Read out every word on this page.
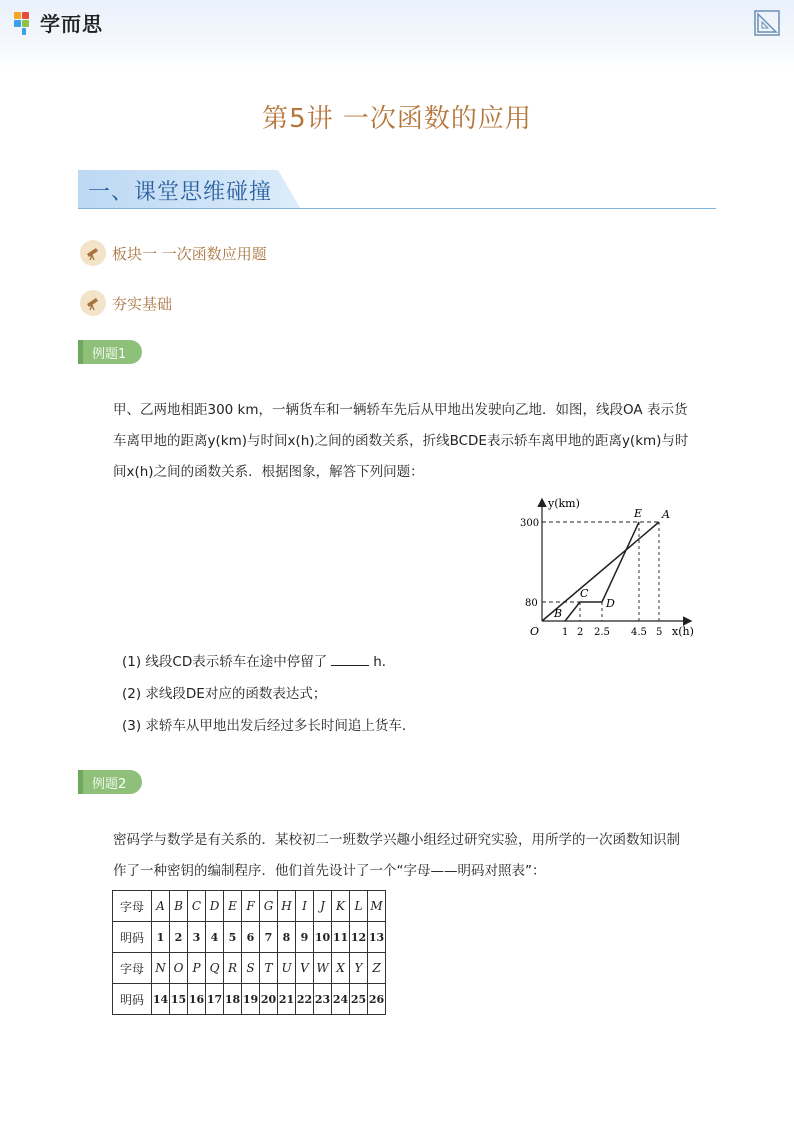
学而思
第5讲 一次函数的应用
一、课堂思维碰撞
板块一 一次函数应用题
夯实基础
例题1
甲、乙两地相距300 km，一辆货车和一辆轿车先后从甲地出发驶向乙地．如图，线段OA 表示货
车离甲地的距离y(km)与时间x(h)之间的函数关系，折线BCDE表示轿车离甲地的距离y(km)与时
间x(h)之间的函数关系．根据图象，解答下列问题：
y(km)
x(h)
O
300
80
1 2 2.5 4.5 5
A
B
C
D
E
(1) 线段CD表示轿车在途中停留了	h．
(2) 求线段DE对应的函数表达式；
(3) 求轿车从甲地出发后经过多长时间追上货车．
例题2
密码学与数学是有关系的．某校初二一班数学兴趣小组经过研究实验，用所学的一次函数知识制
作了一种密钥的编制程序．他们首先设计了一个“字母——明码对照表”：
字母	A	B	C	D	E	F	G	H	I	J	K	L	M
明码	1	2	3	4	5	6	7	8	9	10	11	12	13
字母	N	O	P	Q	R	S	T	U	V	W	X	Y	Z
明码	14	15	16	17	18	19	20	21	22	23	24	25	26
